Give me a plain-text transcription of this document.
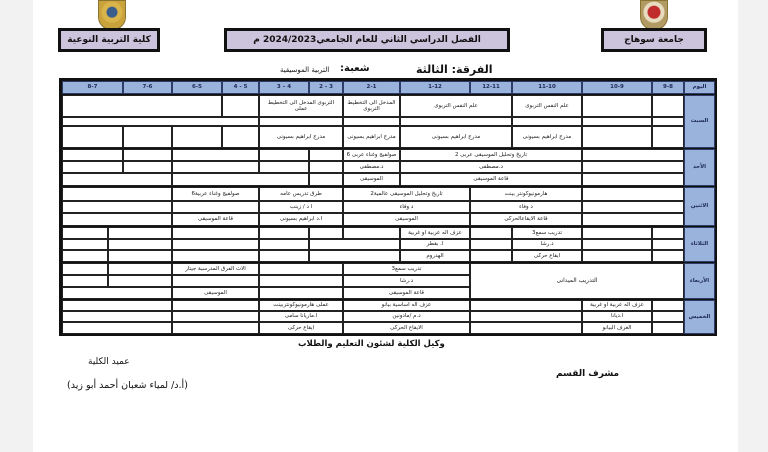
كلية التربية النوعية	الفصل الدراسي الثاني للعام الجامعي2024/2023 م	جامعة سوهاج
الفرقة: الثالثة
شعبة:
التربية الموسيقية
اليوم
9-8
10-9
11-10
12-11
1-12
2-1
3 - 2
4 – 3
5 - 4
6-5
7-6
8-7
السبت
الأحد
الاثنين
الثلاثاء
الأربعاء
الخميس
علم النفس التربوى
علم النفس التربوى
المدخل الى التخطيط التربوى
التربوى المدخل الى التخطيط عملى
مدرج ابراهيم بسيونى
مدرج ابراهيم بسيونى
مدرج ابراهيم بسيونى
مدرج ابراهيم بسيونى
تاريخ وتحليل الموسيقى عربى 2
صولفيج وغناء عربى 6
د.مصطفى
د.مصطفى
قاعة الموسيقى
الموسيقى
هارمونيوكونتر بينت
تاريخ وتحليل الموسيقى عالمية2
طرق تدريس عامه
صولفيج وغناء عربية6
د وفاء
د وفاء
ا د / زينب
قاعة الايقاعالحركى
الموسيقى
ا.د ابراهيم بسيونى
قاعة الموسيقى
تدريب سمع3
عزف اله عربية او غربية
د.رشا
ا. بقطر
ايقاع حركى
الهدروم
التدريب الميدانى
تدريب سمع3
الات الفرق المدرسية جيتار
د.رشا
قاعة الموسيقى
الموسيقى
عزف اله عربية او غربية
عزف اله اساسية بيانو
عملى هارمونيوكونتربينت
ا.ديانا
د.م /مادونين
ا.ماريانا سامى
الغرف البيانو
الايقاع الحركى
ايقاع حركى
وكيل الكلية لشئون التعليم والطلاب
عميد الكلية
(أ.د/ لمياء شعبان أحمد أبو زيد)
مشرف القسم
